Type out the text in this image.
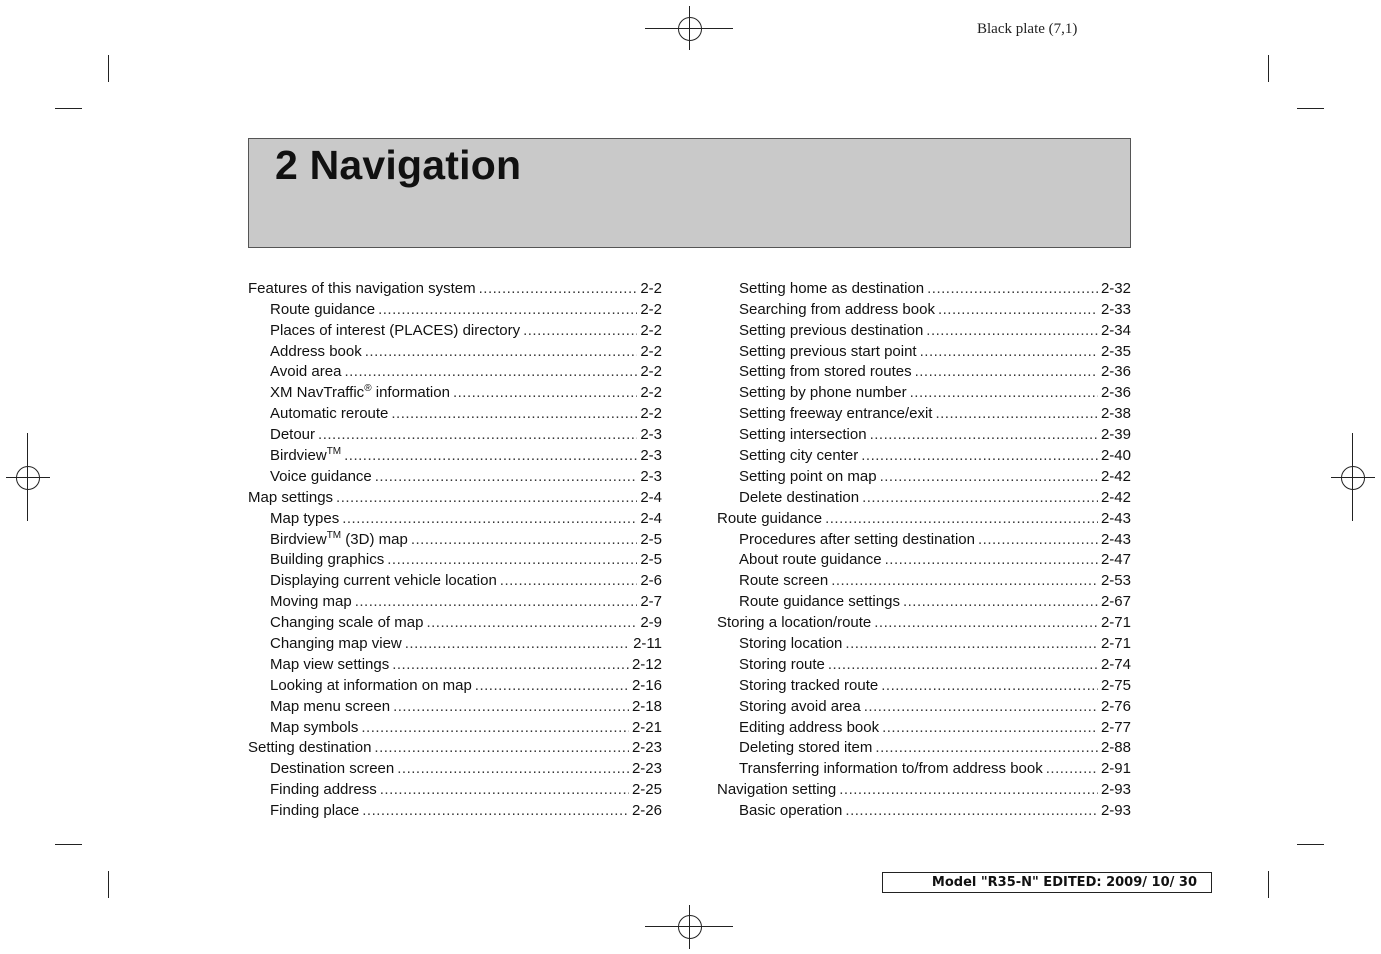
Black plate (7,1)
2 Navigation
Features of this navigation system .....	2-2
Route guidance .....	2-2
Places of interest (PLACES) directory .....	2-2
Address book .....	2-2
Avoid area .....	2-2
XM NavTraffic® information .....	2-2
Automatic reroute .....	2-2
Detour .....	2-3
Birdview™ .....	2-3
Voice guidance .....	2-3
Map settings .....	2-4
Map types .....	2-4
Birdview™ (3D) map .....	2-5
Building graphics .....	2-5
Displaying current vehicle location .....	2-6
Moving map .....	2-7
Changing scale of map .....	2-9
Changing map view .....	2-11
Map view settings .....	2-12
Looking at information on map .....	2-16
Map menu screen .....	2-18
Map symbols .....	2-21
Setting destination .....	2-23
Destination screen .....	2-23
Finding address .....	2-25
Finding place .....	2-26
Setting home as destination .....	2-32
Searching from address book .....	2-33
Setting previous destination .....	2-34
Setting previous start point .....	2-35
Setting from stored routes .....	2-36
Setting by phone number .....	2-36
Setting freeway entrance/exit .....	2-38
Setting intersection .....	2-39
Setting city center .....	2-40
Setting point on map .....	2-42
Delete destination .....	2-42
Route guidance .....	2-43
Procedures after setting destination .....	2-43
About route guidance .....	2-47
Route screen .....	2-53
Route guidance settings .....	2-67
Storing a location/route .....	2-71
Storing location .....	2-71
Storing route .....	2-74
Storing tracked route .....	2-75
Storing avoid area .....	2-76
Editing address book .....	2-77
Deleting stored item .....	2-88
Transferring information to/from address book .....	2-91
Navigation setting .....	2-93
Basic operation .....	2-93
Model "R35-N" EDITED: 2009/ 10/ 30
